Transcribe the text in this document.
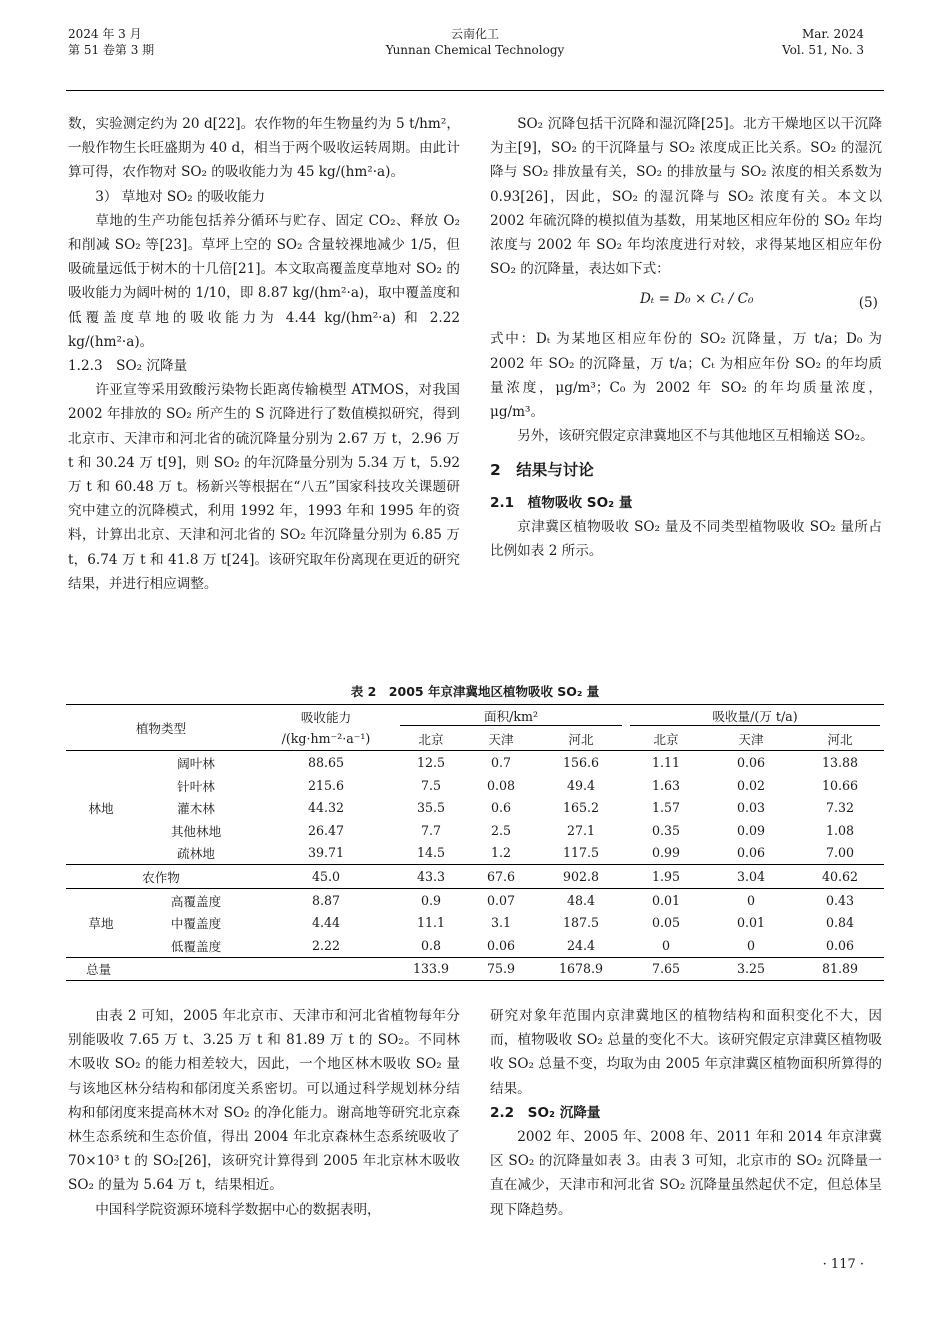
2024 年 3 月
第 51 卷第 3 期
云南化工
Yunnan Chemical Technology
Mar. 2024
Vol. 51, No. 3

数，实验测定约为 20 d[22]。农作物的年生物量约为 5 t/hm²，一般作物生长旺盛期为 40 d，相当于两个吸收运转周期。由此计算可得，农作物对 SO₂ 的吸收能力为 45 kg/(hm²·a)。

3） 草地对 SO₂ 的吸收能力

草地的生产功能包括养分循环与贮存、固定 CO₂、释放 O₂ 和削减 SO₂ 等[23]。草坪上空的 SO₂ 含量较裸地减少 1/5，但吸硫量远低于树木的十几倍[21]。本文取高覆盖度草地对 SO₂ 的吸收能力为阔叶树的 1/10，即 8.87 kg/(hm²·a)，取中覆盖度和低覆盖度草地的吸收能力为 4.44 kg/(hm²·a) 和 2.22 kg/(hm²·a)。

1.2.3　SO₂ 沉降量

许亚宣等采用致酸污染物长距离传输模型 ATMOS，对我国 2002 年排放的 SO₂ 所产生的 S 沉降进行了数值模拟研究，得到北京市、天津市和河北省的硫沉降量分别为 2.67 万 t，2.96 万 t 和 30.24 万 t[9]，则 SO₂ 的年沉降量分别为 5.34 万 t，5.92 万 t 和 60.48 万 t。杨新兴等根据在“八五”国家科技攻关课题研究中建立的沉降模式，利用 1992 年，1993 年和 1995 年的资料，计算出北京、天津和河北省的 SO₂ 年沉降量分别为 6.85 万 t，6.74 万 t 和 41.8 万 t[24]。该研究取年份离现在更近的研究结果，并进行相应调整。

SO₂ 沉降包括干沉降和湿沉降[25]。北方干燥地区以干沉降为主[9]，SO₂ 的干沉降量与 SO₂ 浓度成正比关系。SO₂ 的湿沉降与 SO₂ 排放量有关，SO₂ 的排放量与 SO₂ 浓度的相关系数为 0.93[26]，因此，SO₂ 的湿沉降与 SO₂ 浓度有关。本文以 2002 年硫沉降的模拟值为基数，用某地区相应年份的 SO₂ 年均浓度与 2002 年 SO₂ 年均浓度进行对较，求得某地区相应年份 SO₂ 的沉降量，表达如下式：

Dₜ = D₀ × Cₜ / C₀	(5)

式中：Dₜ 为某地区相应年份的 SO₂ 沉降量，万 t/a；D₀ 为 2002 年 SO₂ 的沉降量，万 t/a；Cₜ 为相应年份 SO₂ 的年均质量浓度，μg/m³；C₀ 为 2002 年 SO₂ 的年均质量浓度，μg/m³。

另外，该研究假定京津冀地区不与其他地区互相输送 SO₂。

2　结果与讨论

2.1　植物吸收 SO₂ 量

京津冀区植物吸收 SO₂ 量及不同类型植物吸收 SO₂ 量所占比例如表 2 所示。

表 2　2005 年京津冀地区植物吸收 SO₂ 量
植物类型		吸收能力	面积/km²			吸收量/(万 t/a)		

		/(kg·hm⁻²·a⁻¹)	北京	天津	河北	北京	天津	河北
林地	阔叶林	88.65	12.5	0.7	156.6	1.11	0.06	13.88
	针叶林	215.6	7.5	0.08	49.4	1.63	0.02	10.66
	灌木林	44.32	35.5	0.6	165.2	1.57	0.03	7.32
	其他林地	26.47	7.7	2.5	27.1	0.35	0.09	1.08
	疏林地	39.71	14.5	1.2	117.5	0.99	0.06	7.00
农作物		45.0	43.3	67.6	902.8	1.95	3.04	40.62
草地	高覆盖度	8.87	0.9	0.07	48.4	0.01	0	0.43
	中覆盖度	4.44	11.1	3.1	187.5	0.05	0.01	0.84
	低覆盖度	2.22	0.8	0.06	24.4	0	0	0.06
总量			133.9	75.9	1678.9	7.65	3.25	81.89

由表 2 可知，2005 年北京市、天津市和河北省植物每年分别能吸收 7.65 万 t、3.25 万 t 和 81.89 万 t 的 SO₂。不同林木吸收 SO₂ 的能力相差较大，因此，一个地区林木吸收 SO₂ 量与该地区林分结构和郁闭度关系密切。可以通过科学规划林分结构和郁闭度来提高林木对 SO₂ 的净化能力。谢高地等研究北京森林生态系统和生态价值，得出 2004 年北京森林生态系统吸收了 70×10³ t 的 SO₂[26]，该研究计算得到 2005 年北京林木吸收 SO₂ 的量为 5.64 万 t，结果相近。

中国科学院资源环境科学数据中心的数据表明，

研究对象年范围内京津冀地区的植物结构和面积变化不大，因而，植物吸收 SO₂ 总量的变化不大。该研究假定京津冀区植物吸收 SO₂ 总量不变，均取为由 2005 年京津冀区植物面积所算得的结果。

2.2　SO₂ 沉降量

2002 年、2005 年、2008 年、2011 年和 2014 年京津冀区 SO₂ 的沉降量如表 3。由表 3 可知，北京市的 SO₂ 沉降量一直在减少，天津市和河北省 SO₂ 沉降量虽然起伏不定，但总体呈现下降趋势。

· 117 ·
